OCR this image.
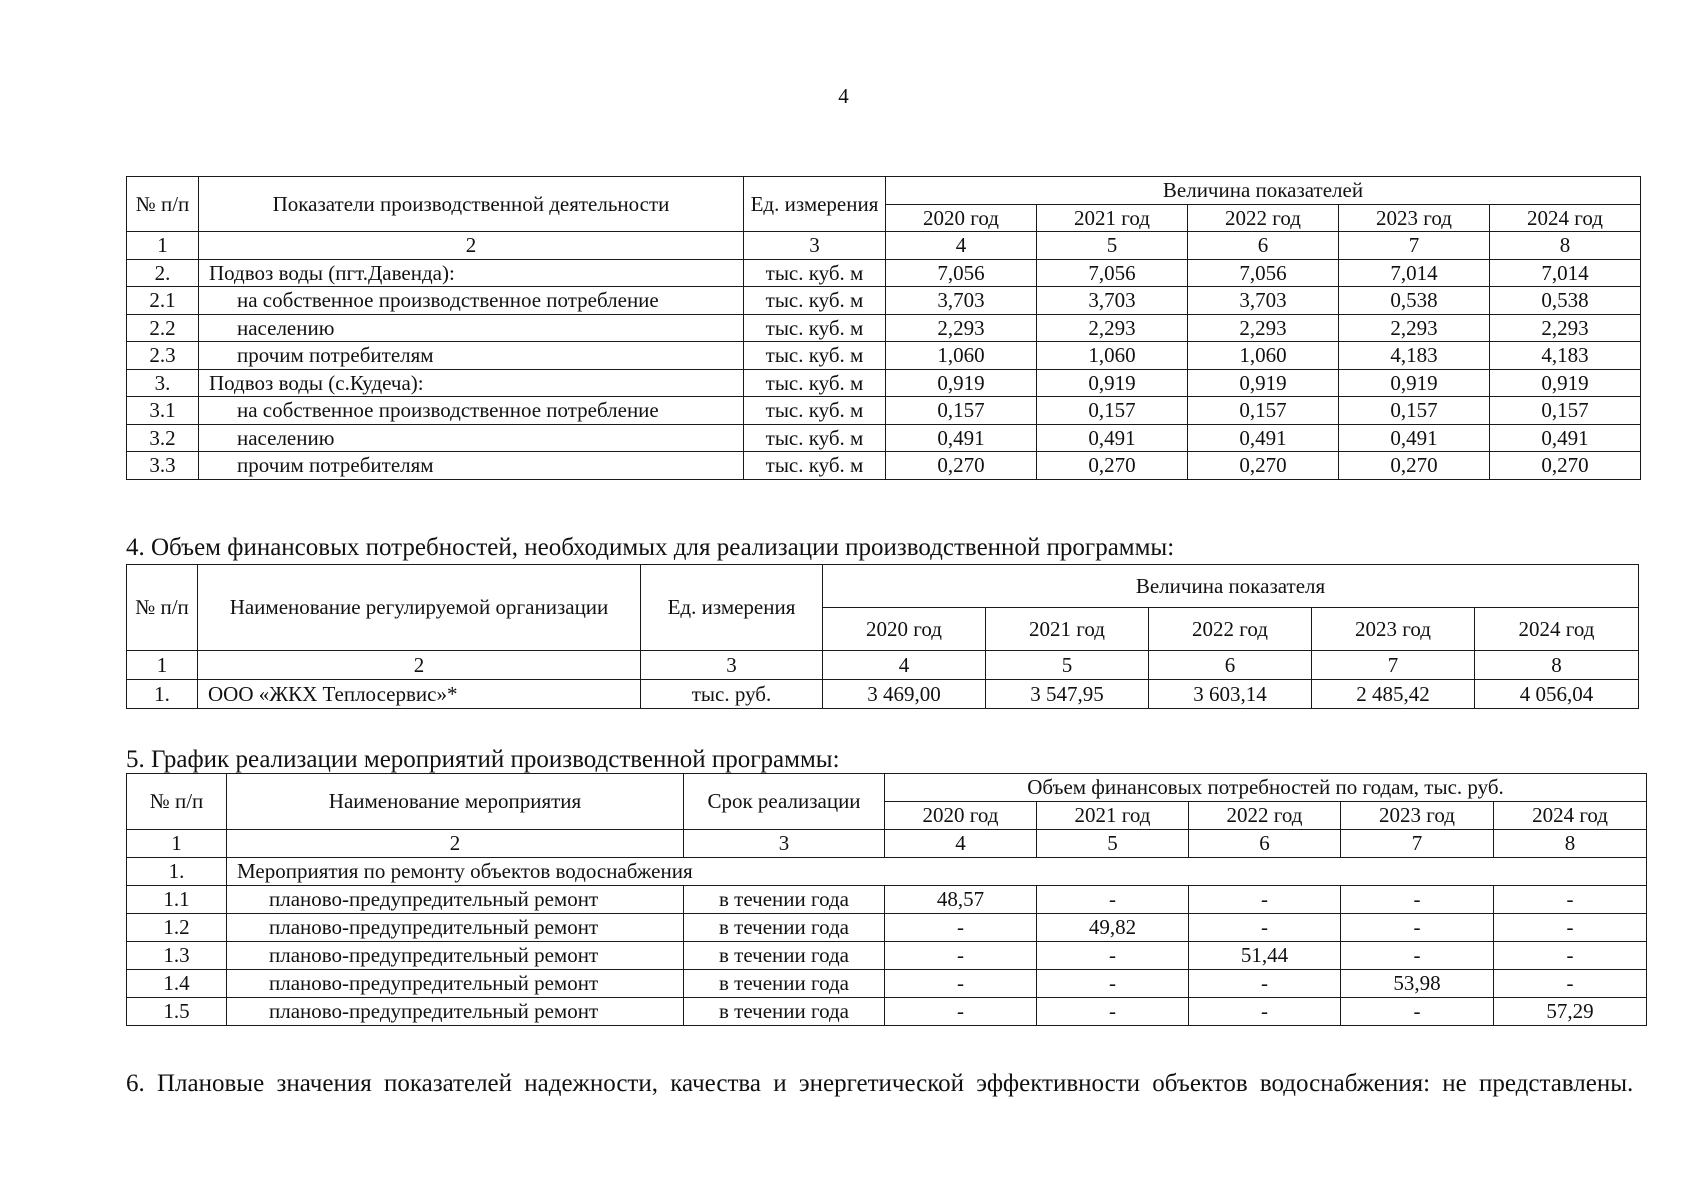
4
№ п/п	Показатели производственной деятельности	Ед. измерения	Величина показателей				
			2020 год	2021 год	2022 год	2023 год	2024 год
1	2	3	4	5	6	7	8
2.	Подвоз воды (пгт.Давенда):	тыс. куб. м	7,056	7,056	7,056	7,014	7,014
2.1	на собственное производственное потребление	тыс. куб. м	3,703	3,703	3,703	0,538	0,538
2.2	населению	тыс. куб. м	2,293	2,293	2,293	2,293	2,293
2.3	прочим потребителям	тыс. куб. м	1,060	1,060	1,060	4,183	4,183
3.	Подвоз воды (с.Кудеча):	тыс. куб. м	0,919	0,919	0,919	0,919	0,919
3.1	на собственное производственное потребление	тыс. куб. м	0,157	0,157	0,157	0,157	0,157
3.2	населению	тыс. куб. м	0,491	0,491	0,491	0,491	0,491
3.3	прочим потребителям	тыс. куб. м	0,270	0,270	0,270	0,270	0,270
4. Объем финансовых потребностей, необходимых для реализации производственной программы:
№ п/п	Наименование регулируемой организации	Ед. измерения	Величина показателя				
			2020 год	2021 год	2022 год	2023 год	2024 год
1	2	3	4	5	6	7	8
1.	ООО «ЖКХ Теплосервис»*	тыс. руб.	3 469,00	3 547,95	3 603,14	2 485,42	4 056,04
5. График реализации мероприятий производственной программы:
№ п/п	Наименование мероприятия	Срок реализации	Объем финансовых потребностей по годам, тыс. руб.				
			2020 год	2021 год	2022 год	2023 год	2024 год
1	2	3	4	5	6	7	8
1.	Мероприятия по ремонту объектов водоснабжения						
1.1	планово-предупредительный ремонт	в течении года	48,57	-	-	-	-
1.2	планово-предупредительный ремонт	в течении года	-	49,82	-	-	-
1.3	планово-предупредительный ремонт	в течении года	-	-	51,44	-	-
1.4	планово-предупредительный ремонт	в течении года	-	-	-	53,98	-
1.5	планово-предупредительный ремонт	в течении года	-	-	-	-	57,29
6. Плановые значения показателей надежности, качества и энергетической эффективности объектов водоснабжения: не представлены.
